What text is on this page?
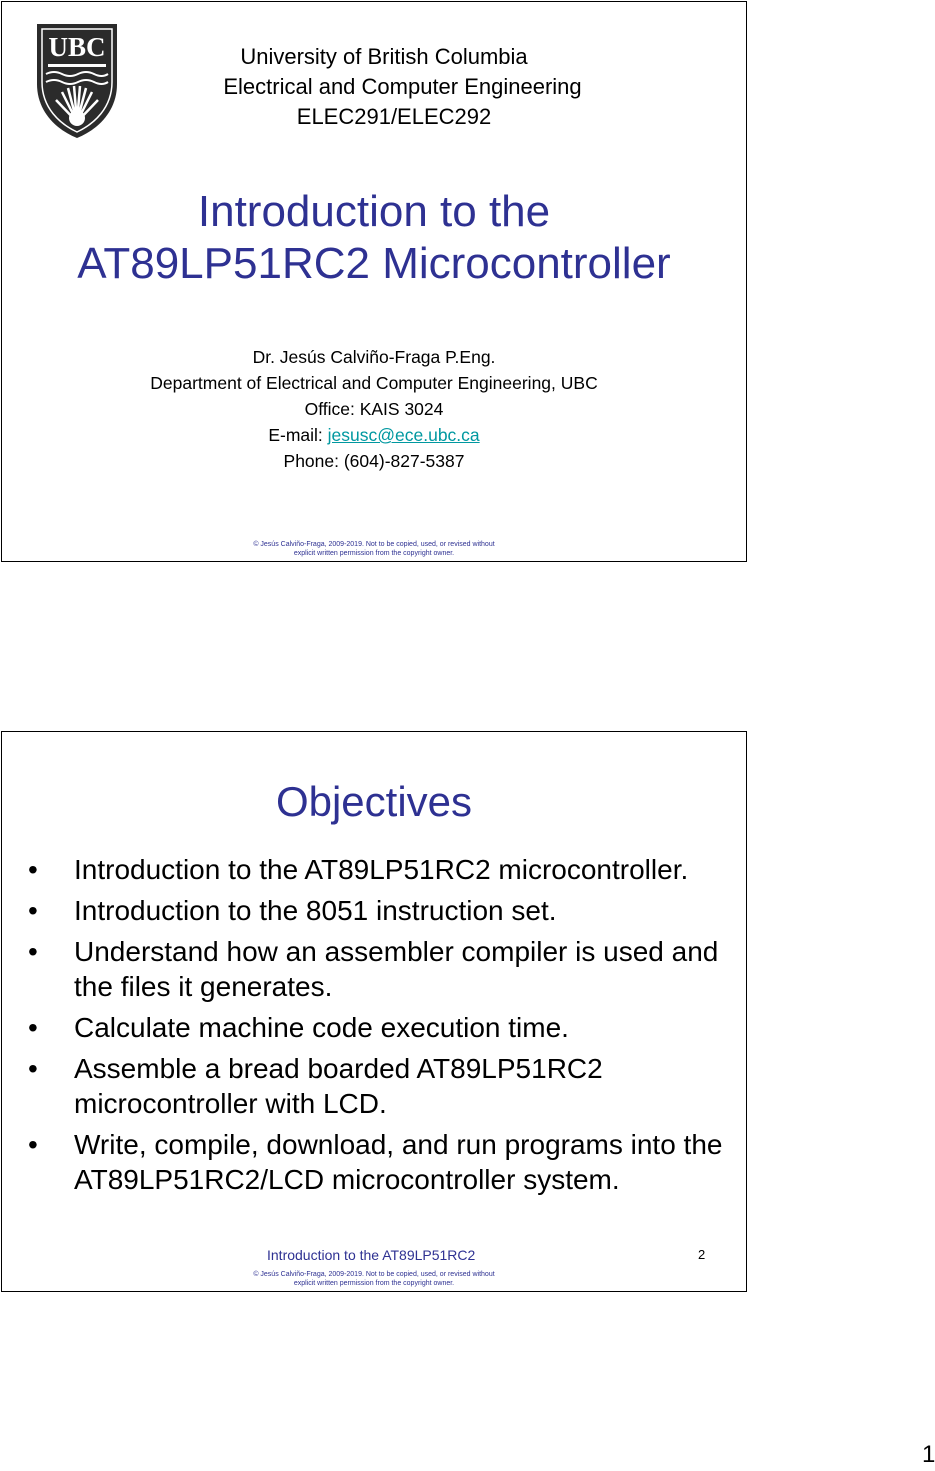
UBC	University of British Columbia
Electrical and Computer Engineering
ELEC291/ELEC292
Introduction to the
AT89LP51RC2 Microcontroller
Dr. Jesús Calviño-Fraga P.Eng.
Department of Electrical and Computer Engineering, UBC
Office: KAIS 3024
E-mail: jesusc@ece.ubc.ca
Phone: (604)-827-5387
© Jesús Calviño-Fraga, 2009-2019. Not to be copied, used, or revised without
explicit written permission from the copyright owner.
Objectives
• Introduction to the AT89LP51RC2 microcontroller.
• Introduction to the 8051 instruction set.
• Understand how an assembler compiler is used and the files it generates.
• Calculate machine code execution time.
• Assemble a bread boarded AT89LP51RC2 microcontroller with LCD.
• Write, compile, download, and run programs into the AT89LP51RC2/LCD microcontroller system.
Introduction to the AT89LP51RC2	2
© Jesús Calviño-Fraga, 2009-2019. Not to be copied, used, or revised without
explicit written permission from the copyright owner.
1
